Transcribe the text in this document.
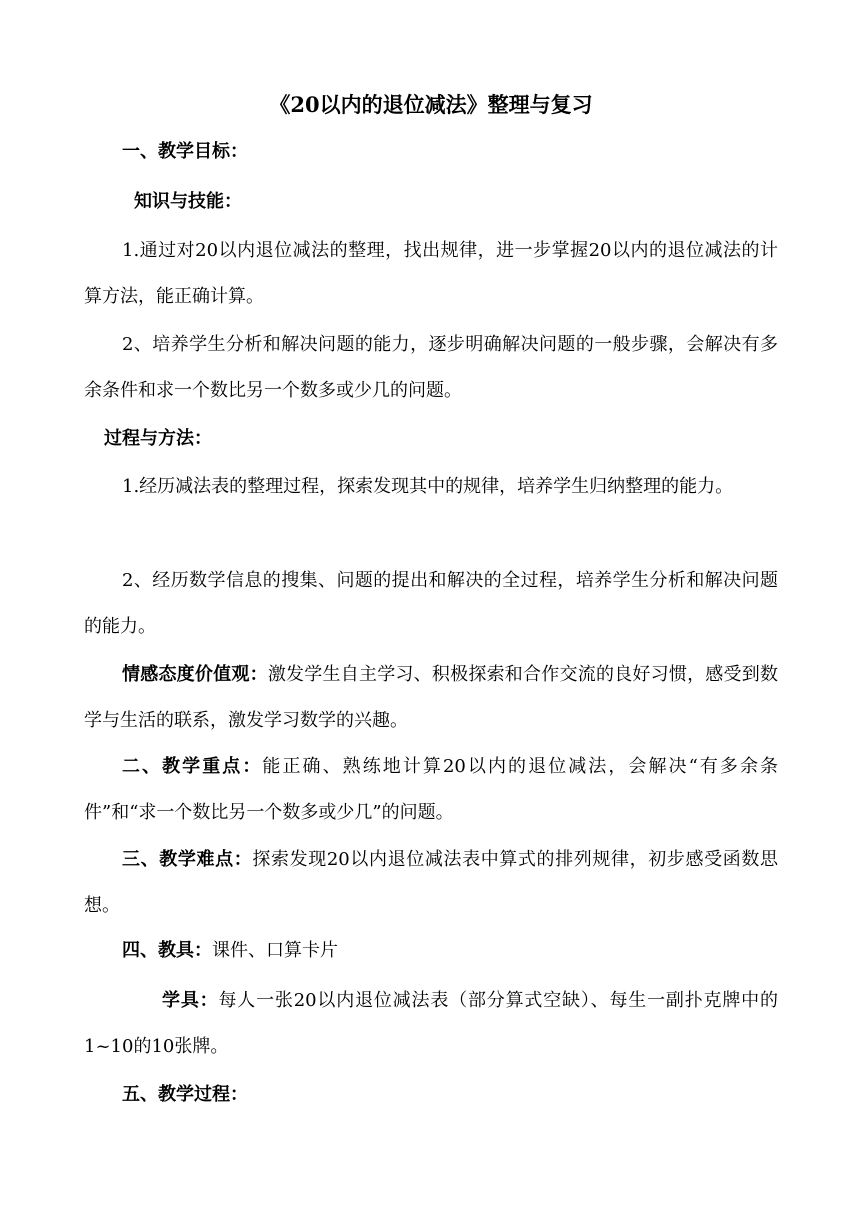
《20以内的退位减法》整理与复习
一、教学目标：
知识与技能：
1.通过对20以内退位减法的整理，找出规律，进一步掌握20以内的退位减法的计算方法，能正确计算。
2、培养学生分析和解决问题的能力，逐步明确解决问题的一般步骤，会解决有多余条件和求一个数比另一个数多或少几的问题。
过程与方法：
1.经历减法表的整理过程，探索发现其中的规律，培养学生归纳整理的能力。
2、经历数学信息的搜集、问题的提出和解决的全过程，培养学生分析和解决问题的能力。
情感态度价值观：激发学生自主学习、积极探索和合作交流的良好习惯，感受到数学与生活的联系，激发学习数学的兴趣。
二、教学重点：能正确、熟练地计算20以内的退位减法，会解决“有多余条件”和“求一个数比另一个数多或少几”的问题。
三、教学难点：探索发现20以内退位减法表中算式的排列规律，初步感受函数思想。
四、教具：课件、口算卡片
学具：每人一张20以内退位减法表（部分算式空缺）、每生一副扑克牌中的1~10的10张牌。
五、教学过程：
